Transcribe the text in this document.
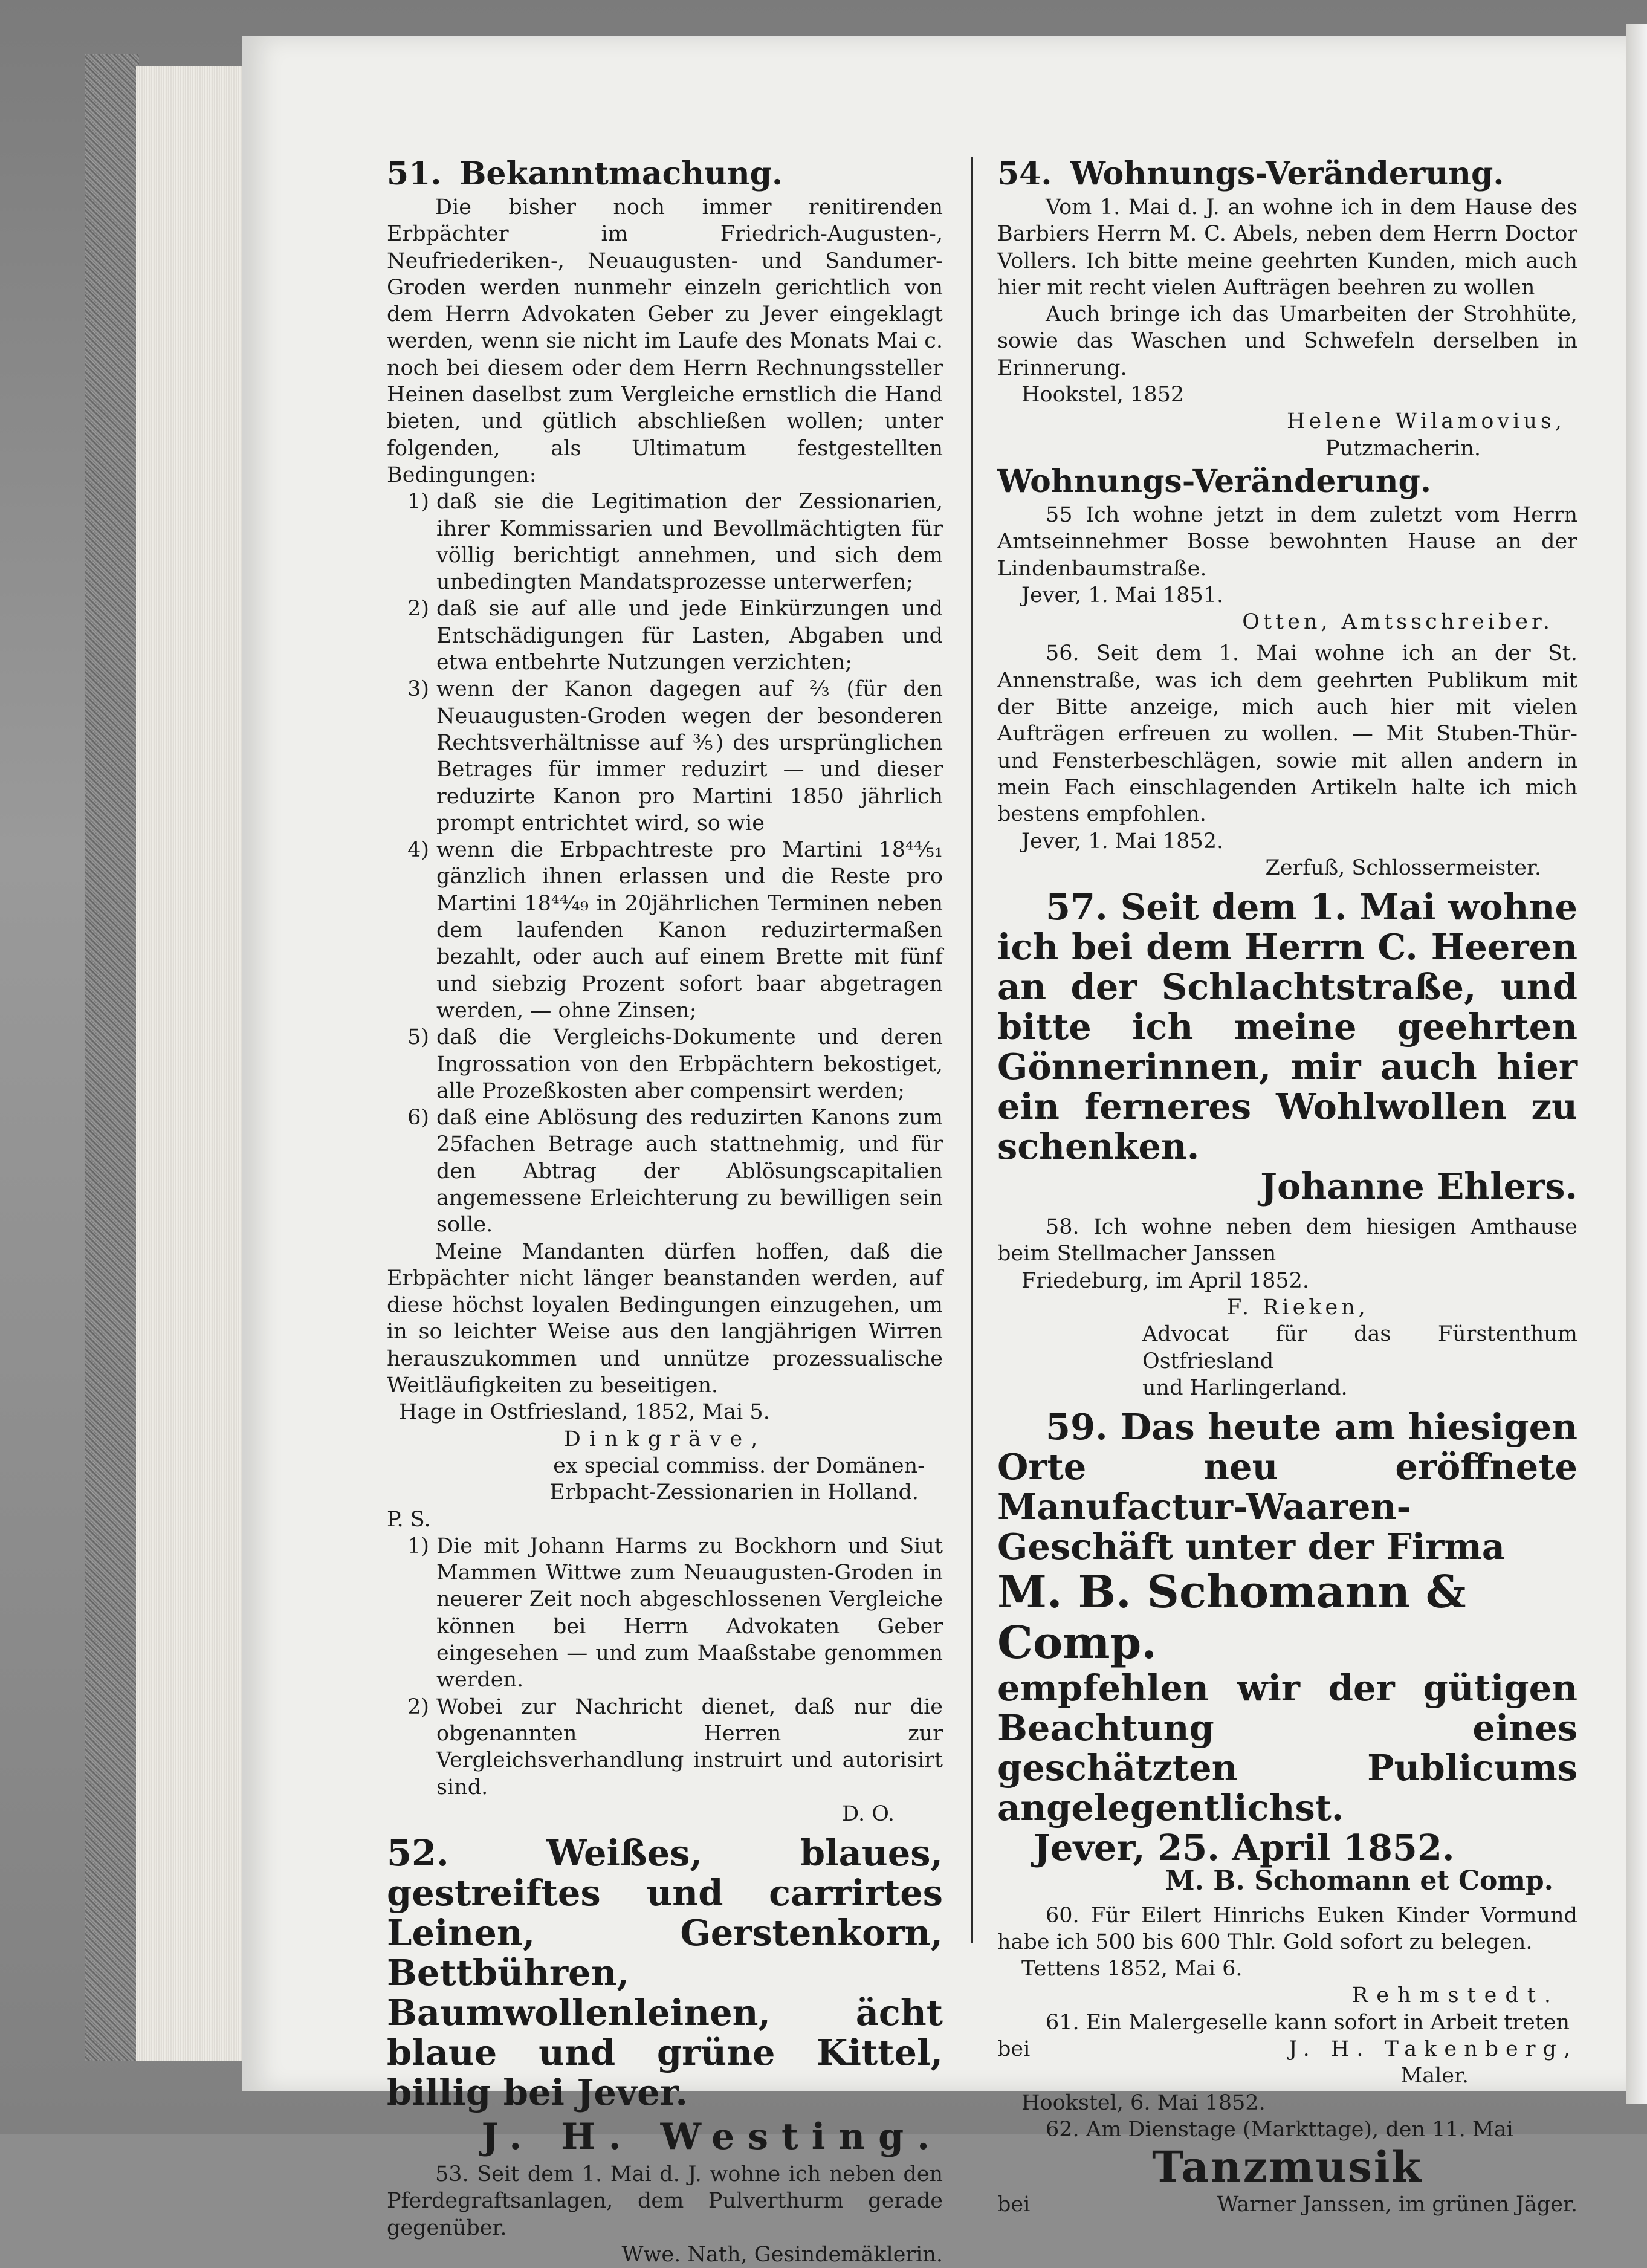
51. Bekanntmachung.

Die bisher noch immer renitirenden Erbpächter im Friedrich-Augusten-, Neufriederiken-, Neuaugusten- und Sandumer-Groden werden nunmehr einzeln gerichtlich von dem Herrn Advokaten Geber zu Jever eingeklagt werden, wenn sie nicht im Laufe des Monats Mai c. noch bei diesem oder dem Herrn Rechnungssteller Heinen daselbst zum Vergleiche ernstlich die Hand bieten, und gütlich abschließen wollen; unter folgenden, als Ultimatum festgestellten Bedingungen:

1) daß sie die Legitimation der Zessionarien, ihrer Kommissarien und Bevollmächtigten für völlig berichtigt annehmen, und sich dem unbedingten Mandatsprozesse unterwerfen;
2) daß sie auf alle und jede Einkürzungen und Entschädigungen für Lasten, Abgaben und etwa entbehrte Nutzungen verzichten;
3) wenn der Kanon dagegen auf ⅔ (für den Neuaugusten-Groden wegen der besonderen Rechtsverhältnisse auf ⅗) des ursprünglichen Betrages für immer reduzirt — und dieser reduzirte Kanon pro Martini 1850 jährlich prompt entrichtet wird, so wie
4) wenn die Erbpachtreste pro Martini 18⁴⁴⁄₅₁ gänzlich ihnen erlassen und die Reste pro Martini 18⁴⁴⁄₄₉ in 20jährlichen Terminen neben dem laufenden Kanon reduzirtermaßen bezahlt, oder auch auf einem Brette mit fünf und siebzig Prozent sofort baar abgetragen werden, — ohne Zinsen;
5) daß die Vergleichs-Dokumente und deren Ingrossation von den Erbpächtern bekostiget, alle Prozeßkosten aber compensirt werden;
6) daß eine Ablösung des reduzirten Kanons zum 25fachen Betrage auch stattnehmig, und für den Abtrag der Ablösungscapitalien angemessene Erleichterung zu bewilligen sein solle.

Meine Mandanten dürfen hoffen, daß die Erbpächter nicht länger beanstanden werden, auf diese höchst loyalen Bedingungen einzugehen, um in so leichter Weise aus den langjährigen Wirren herauszukommen und unnütze prozessualische Weitläufigkeiten zu beseitigen.

Hage in Ostfriesland, 1852, Mai 5.

Dinkgräve,

ex special commiss. der Domänen-

Erbpacht-Zessionarien in Holland.

P. S.

1) Die mit Johann Harms zu Bockhorn und Siut Mammen Wittwe zum Neuaugusten-Groden in neuerer Zeit noch abgeschlossenen Vergleiche können bei Herrn Advokaten Geber eingesehen — und zum Maaßstabe genommen werden.
2) Wobei zur Nachricht dienet, daß nur die obgenannten Herren zur Vergleichsverhandlung instruirt und autorisirt sind.

D. O.

52.	Weißes, blaues, gestreiftes und carrirtes Leinen, Gerstenkorn, Bettbühren, Baumwollenleinen, ächt blaue und grüne Kittel, billig bei Jever.

J. H. Westing.

53. Seit dem 1. Mai d. J. wohne ich neben den Pferdegraftsanlagen, dem Pulverthurm gerade gegenüber.

Wwe. Nath, Gesindemäklerin.

54. Wohnungs-Veränderung.

Vom 1. Mai d. J. an wohne ich in dem Hause des Barbiers Herrn M. C. Abels, neben dem Herrn Doctor Vollers. Ich bitte meine geehrten Kunden, mich auch hier mit recht vielen Aufträgen beehren zu wollen

Auch bringe ich das Umarbeiten der Strohhüte, sowie das Waschen und Schwefeln derselben in Erinnerung.

Hookstel, 1852

Helene Wilamovius,

Putzmacherin.

Wohnungs-Veränderung.

55 Ich wohne jetzt in dem zuletzt vom Herrn Amtseinnehmer Bosse bewohnten Hause an der Lindenbaumstraße.

Jever, 1. Mai 1851.

Otten, Amtsschreiber.

56. Seit dem 1. Mai wohne ich an der St. Annenstraße, was ich dem geehrten Publikum mit der Bitte anzeige, mich auch hier mit vielen Aufträgen erfreuen zu wollen. — Mit Stuben-Thür- und Fensterbeschlägen, sowie mit allen andern in mein Fach einschlagenden Artikeln halte ich mich bestens empfohlen.

Jever, 1. Mai 1852.

Zerfuß, Schlossermeister.

57. Seit dem 1. Mai wohne ich bei dem Herrn C. Heeren an der Schlachtstraße, und bitte ich meine geehrten Gönnerinnen, mir auch hier ein ferneres Wohlwollen zu schenken.

Johanne Ehlers.

58. Ich wohne neben dem hiesigen Amthause beim Stellmacher Janssen

Friedeburg, im April 1852.

F. Rieken,

Advocat für das Fürstenthum Ostfriesland

und Harlingerland.

59. Das heute am hiesigen Orte neu eröffnete Manufactur-Waaren-Geschäft unter der Firma

M. B. Schomann & Comp.

empfehlen wir der gütigen Beachtung eines geschätzten Publicums angelegentlichst.

Jever, 25. April 1852.

M. B. Schomann et Comp.

60. Für Eilert Hinrichs Euken Kinder Vormund habe ich 500 bis 600 Thlr. Gold sofort zu belegen.

Tettens 1852, Mai 6.

Rehmstedt.

61. Ein Malergeselle kann sofort in Arbeit treten

bei	J. H. Takenberg,

Maler.

Hookstel, 6. Mai 1852.

62. Am Dienstage (Markttage), den 11. Mai

Tanzmusik

bei	Warner Janssen, im grünen Jäger.
